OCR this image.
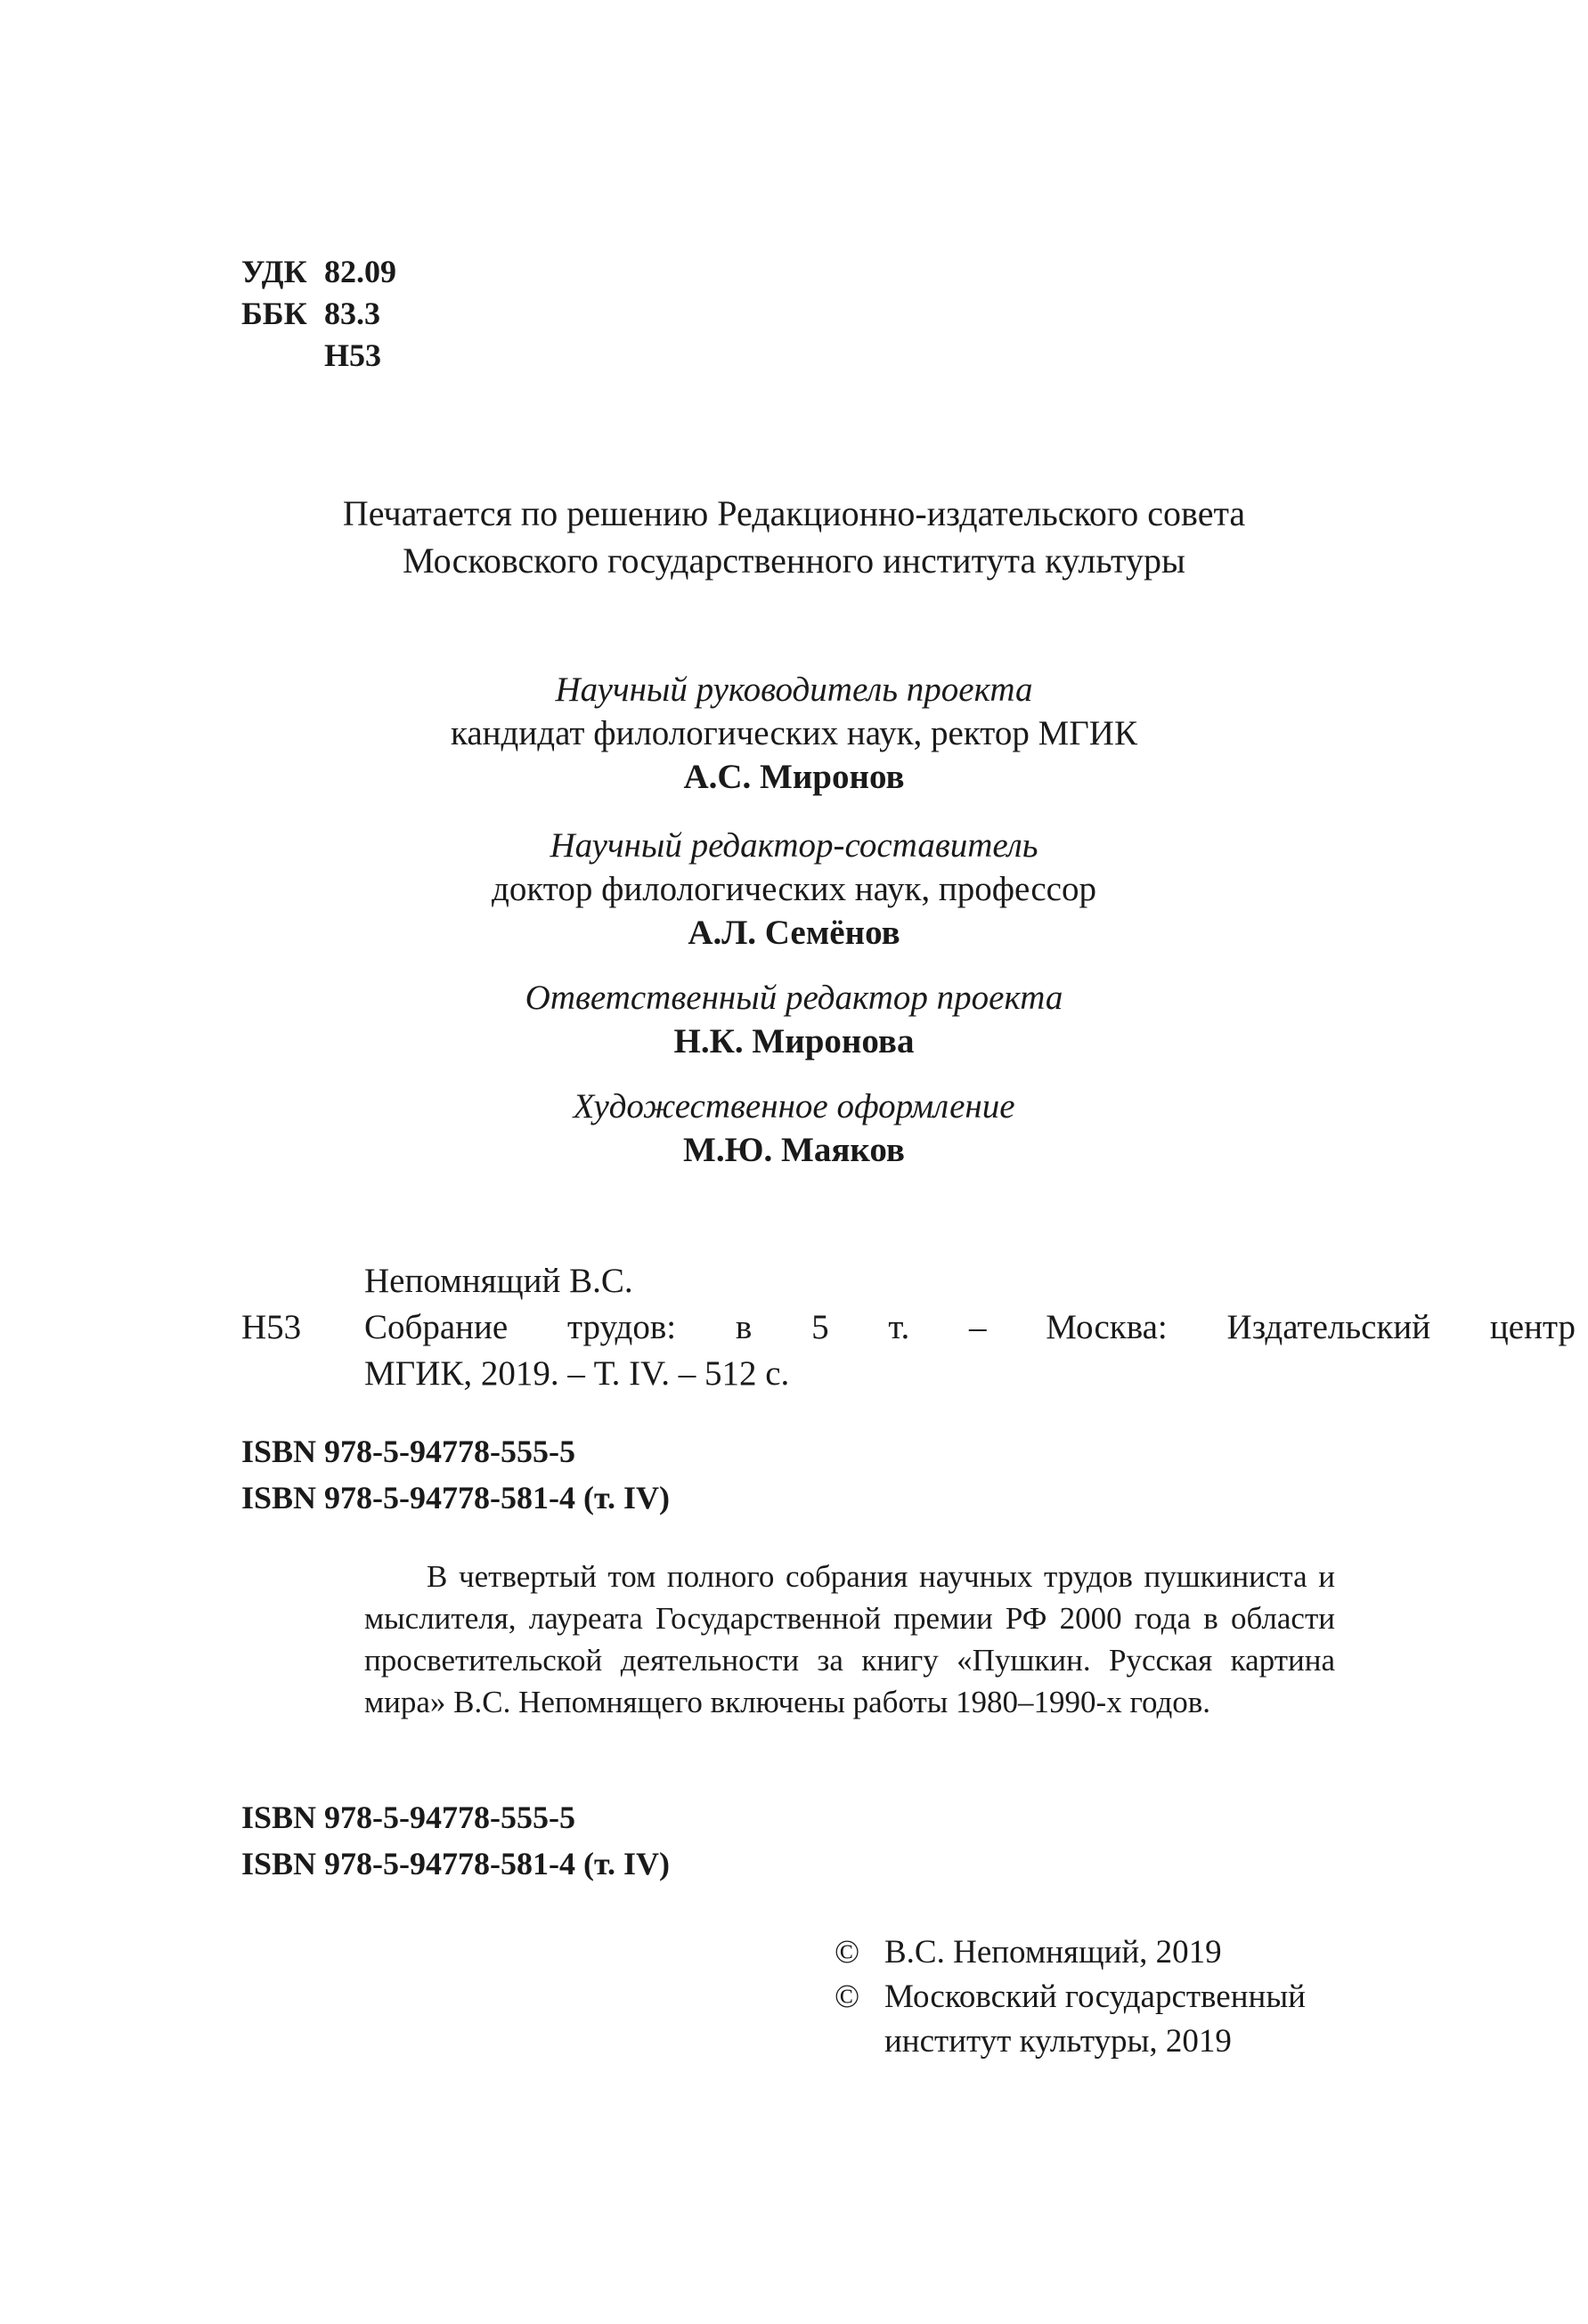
УДК 82.09
ББК 83.3
Н53
Печатается по решению Редакционно-издательского совета
Московского государственного института культуры
Научный руководитель проекта
кандидат филологических наук, ректор МГИК
А.С. Миронов
Научный редактор-составитель
доктор филологических наук, профессор
А.Л. Семёнов
Ответственный редактор проекта
Н.К. Миронова
Художественное оформление
М.Ю. Маяков
Непомнящий В.С.
Н53 Собрание трудов: в 5 т. – Москва: Издательский центр
МГИК, 2019. – Т. IV. – 512 с.
ISBN 978-5-94778-555-5
ISBN 978-5-94778-581-4 (т. IV)
В четвертый том полного собрания научных трудов пушкиниста и мыслителя, лауреата Государственной премии РФ 2000 года в области просветительской деятельности за книгу «Пушкин. Русская картина мира» В.С. Непомнящего включены работы 1980–1990-х годов.
ISBN 978-5-94778-555-5
ISBN 978-5-94778-581-4 (т. IV)
© В.С. Непомнящий, 2019
© Московский государственный
институт культуры, 2019
